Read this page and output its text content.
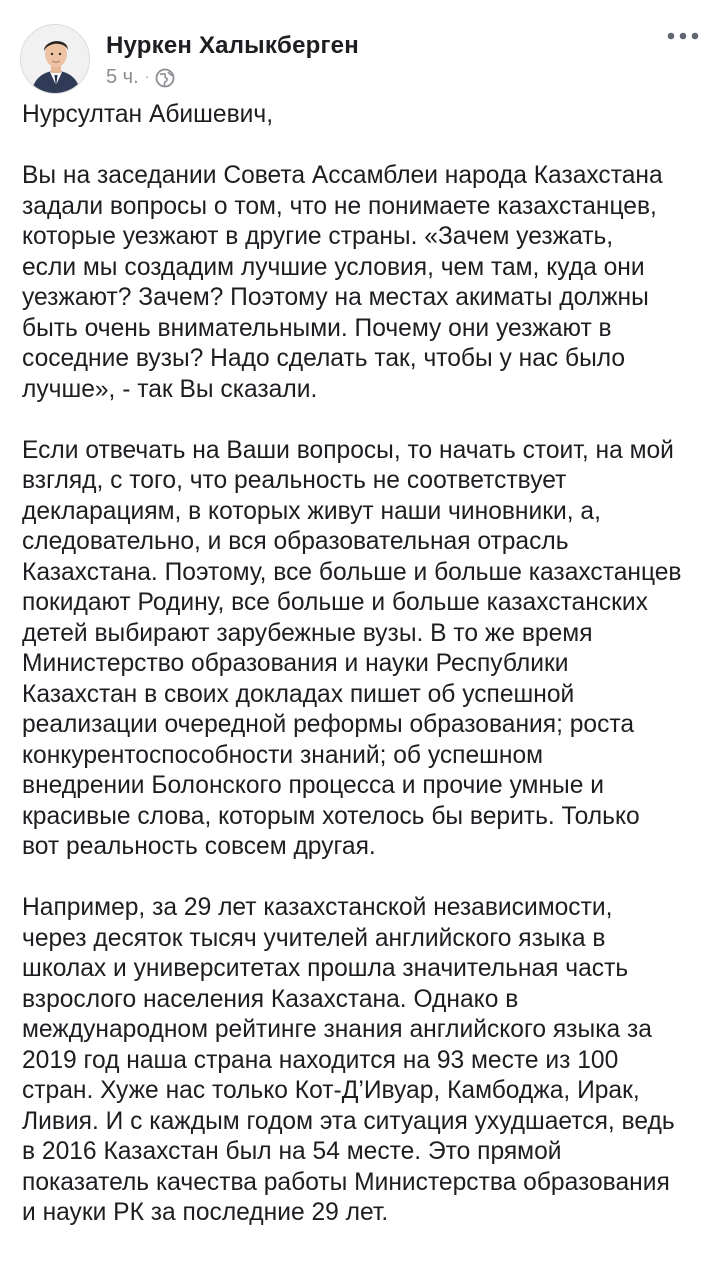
Нуркен Халыкберген
5 ч. ·

Нурсултан Абишевич,

Вы на заседании Совета Ассамблеи народа Казахстана
задали вопросы о том, что не понимаете казахстанцев,
которые уезжают в другие страны. «Зачем уезжать,
если мы создадим лучшие условия, чем там, куда они
уезжают? Зачем? Поэтому на местах акиматы должны
быть очень внимательными. Почему они уезжают в
соседние вузы? Надо сделать так, чтобы у нас было
лучше», - так Вы сказали.

Если отвечать на Ваши вопросы, то начать стоит, на мой
взгляд, с того, что реальность не соответствует
декларациям, в которых живут наши чиновники, а,
следовательно, и вся образовательная отрасль
Казахстана. Поэтому, все больше и больше казахстанцев
покидают Родину, все больше и больше казахстанских
детей выбирают зарубежные вузы. В то же время
Министерство образования и науки Республики
Казахстан в своих докладах пишет об успешной
реализации очередной реформы образования; роста
конкурентоспособности знаний; об успешном
внедрении Болонского процесса и прочие умные и
красивые слова, которым хотелось бы верить. Только
вот реальность совсем другая.

Например, за 29 лет казахстанской независимости,
через десяток тысяч учителей английского языка в
школах и университетах прошла значительная часть
взрослого населения Казахстана. Однако в
международном рейтинге знания английского языка за
2019 год наша страна находится на 93 месте из 100
стран. Хуже нас только Кот-Д’Ивуар, Камбоджа, Ирак,
Ливия. И с каждым годом эта ситуация ухудшается, ведь
в 2016 Казахстан был на 54 месте. Это прямой
показатель качества работы Министерства образования
и науки РК за последние 29 лет.
